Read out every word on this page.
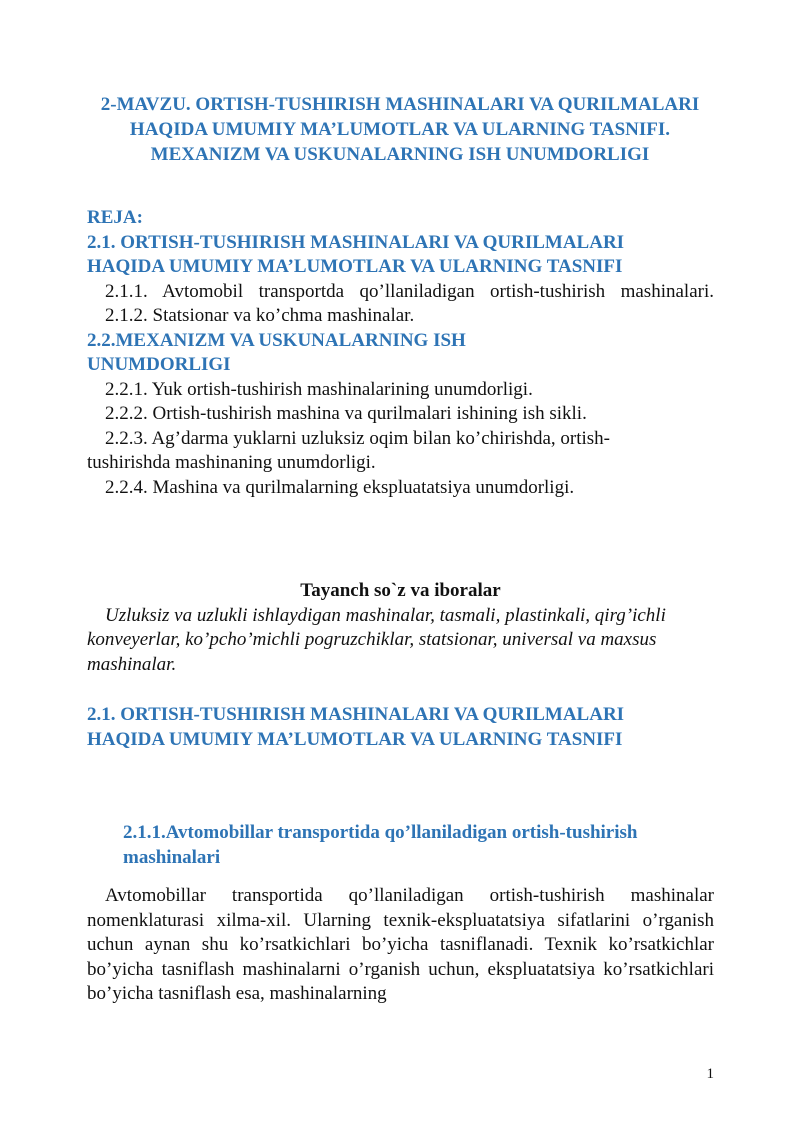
2-MAVZU. ORTISH-TUSHIRISH MASHINALARI VA QURILMALARI HAQIDA UMUMIY MA’LUMOTLAR VA ULARNING TASNIFI. MEXANIZM VA USKUNALARNING ISH UNUMDORLIGI

REJA:

2.1. ORTISH-TUSHIRISH MASHINALARI VA QURILMALARI HAQIDA UMUMIY MA’LUMOTLAR VA ULARNING TASNIFI

2.1.1. Avtomobil transportda qo’llaniladigan ortish-tushirish mashinalari.

2.1.2. Statsionar va ko’chma mashinalar.

2.2.MEXANIZM VA USKUNALARNING ISH UNUMDORLIGI

2.2.1. Yuk ortish-tushirish mashinalarining unumdorligi.

2.2.2. Ortish-tushirish mashina va qurilmalari ishining ish sikli.

2.2.3. Ag’darma yuklarni uzluksiz oqim bilan ko’chirishda, ortish-tushirishda mashinaning unumdorligi.

2.2.4. Mashina va qurilmalarning ekspluatatsiya unumdorligi.

Tayanch so`z va iboralar

Uzluksiz va uzlukli ishlaydigan mashinalar, tasmali, plastinkali, qirg’ichli konveyerlar, ko’pcho’michli pogruzchiklar, statsionar, universal va maxsus mashinalar.

2.1. ORTISH-TUSHIRISH MASHINALARI VA QURILMALARI HAQIDA UMUMIY MA’LUMOTLAR VA ULARNING TASNIFI

2.1.1.Avtomobillar transportida qo’llaniladigan ortish-tushirish mashinalari

Avtomobillar transportida qo’llaniladigan ortish-tushirish mashinalar nomenklaturasi xilma-xil. Ularning texnik-ekspluatatsiya sifatlarini o’rganish uchun aynan shu ko’rsatkichlari bo’yicha tasniflanadi. Texnik ko’rsatkichlar bo’yicha tasniflash mashinalarni o’rganish uchun, ekspluatatsiya ko’rsatkichlari bo’yicha tasniflash esa, mashinalarning

1
